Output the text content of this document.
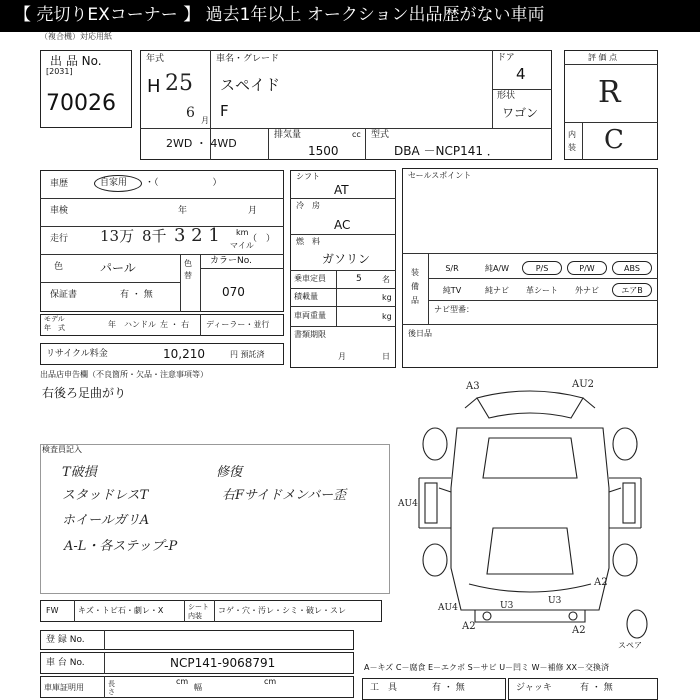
【 売切りEXコーナー 】 過去1年以上 オークション出品歴がない車両
（複合機）対応用紙
出 品 No.
[2031]
70026
年式
H 25
6 月
車名・グレード
スペイド
F
ドア
4
形状
ワゴン
2WD ・ 4WD
排気量	cc
1500
型式
DBA －NCP141 ．
評 価 点
R
内装 C
車歴	自家用 ・（　　　　　　）
車検	年	月
走行 13万 8千 3 2 1 km
マイル
（　）
色	パール	色替
カラーNo.
070
保証書	有 ・ 無
モデル
年　式	年 ハンドル 左 ・ 右 ディーラー・並行
リサイクル料金	10,210	円 預託済
シフト
AT
冷　房
AC
燃　料
ガソリン
乗車定員	5	名
積載量	kg
車両重量	kg
書類期限
月	日
セールスポイント
装備品
S/R	純A/W	P/S	P/W	ABS
純TV	純ナビ	革シート	外ナビ	エアB
ナビ型番：
後日品
出品店申告欄（不良箇所・欠品・注意事項等）
右後ろ足曲がり
検査員記入
T破損
スタッドレスT
ホイールガリA
A-L・各ステップ-P
修復
右Fサイドメンバー歪
A3	AU2
AU4
A2
AU4	U3	U3
A2	A2
スペア
FW キズ・トビ石・劇レ・X	シート内装
コゲ・穴・汚レ・シミ・破レ・スレ
登 録 No.
車 台 No.	NCP141-9068791
車庫証明用	長さ
cm
幅
cm
A－キズ C－腐食 E－エクボ S－サビ U－凹ミ W－補修 XX－交換済
工　具	有 ・ 無	ジャッキ	有 ・ 無
